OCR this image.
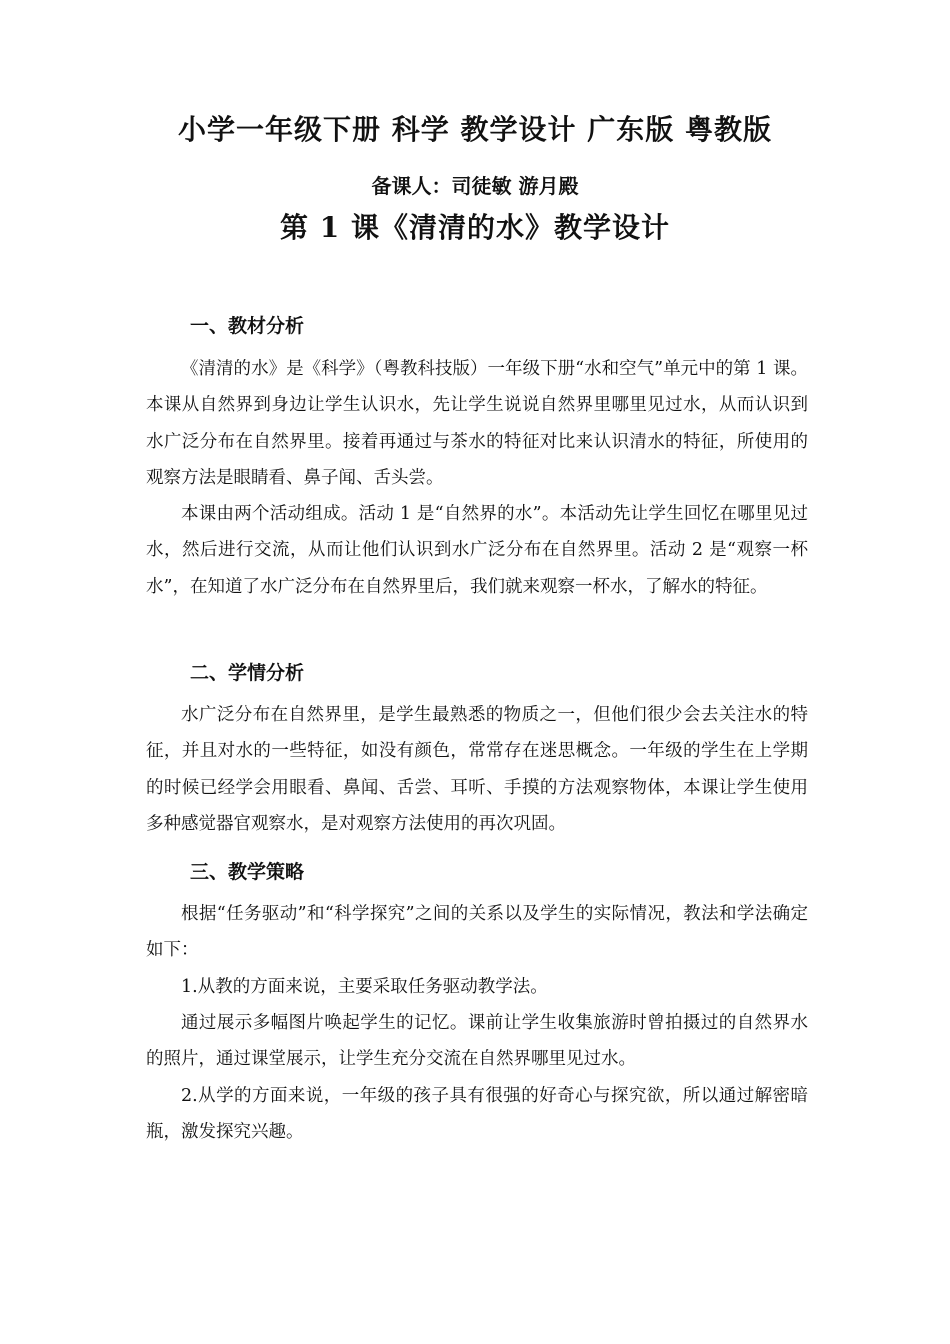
小学一年级下册 科学 教学设计 广东版 粤教版
备课人：司徒敏 游月殿
第 1 课《清清的水》教学设计
一、教材分析

《清清的水》是《科学》（粤教科技版）一年级下册“水和空气”单元中的第 1 课。本课从自然界到身边让学生认识水，先让学生说说自然界里哪里见过水，从而认识到水广泛分布在自然界里。接着再通过与茶水的特征对比来认识清水的特征，所使用的观察方法是眼睛看、鼻子闻、舌头尝。

本课由两个活动组成。活动 1 是“自然界的水”。本活动先让学生回忆在哪里见过水，然后进行交流，从而让他们认识到水广泛分布在自然界里。活动 2 是“观察一杯水”，在知道了水广泛分布在自然界里后，我们就来观察一杯水，了解水的特征。

二、学情分析

水广泛分布在自然界里，是学生最熟悉的物质之一，但他们很少会去关注水的特征，并且对水的一些特征，如没有颜色，常常存在迷思概念。一年级的学生在上学期的时候已经学会用眼看、鼻闻、舌尝、耳听、手摸的方法观察物体，本课让学生使用多种感觉器官观察水，是对观察方法使用的再次巩固。

三、教学策略

根据“任务驱动”和“科学探究”之间的关系以及学生的实际情况，教法和学法确定如下：

1.从教的方面来说，主要采取任务驱动教学法。

通过展示多幅图片唤起学生的记忆。课前让学生收集旅游时曾拍摄过的自然界水的照片，通过课堂展示，让学生充分交流在自然界哪里见过水。

2.从学的方面来说，一年级的孩子具有很强的好奇心与探究欲，所以通过解密暗瓶，激发探究兴趣。
